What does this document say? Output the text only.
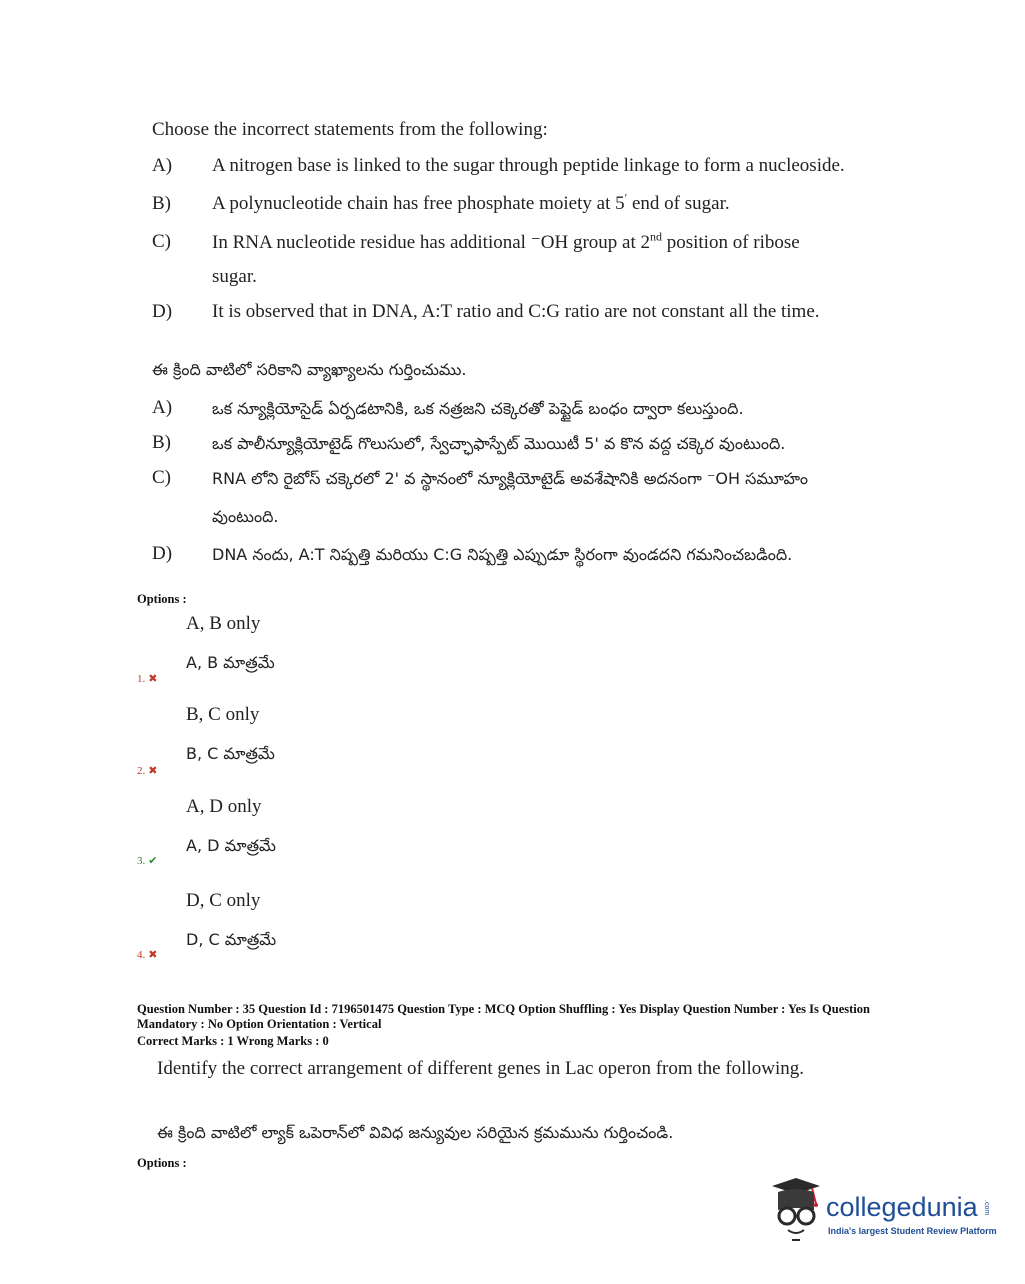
Choose the incorrect statements from the following:
A) A nitrogen base is linked to the sugar through peptide linkage to form a nucleoside.
B) A polynucleotide chain has free phosphate moiety at 5′ end of sugar.
C) In RNA nucleotide residue has additional ⁻OH group at 2nd position of ribose
sugar.
D) It is observed that in DNA, A:T ratio and C:G ratio are not constant all the time.
ఈ క్రింది వాటిలో సరికాని వ్యాఖ్యాలను గుర్తించుము.
A) ఒక న్యూక్లియోసైడ్ ఏర్పడటానికి, ఒక నత్రజని చక్కెరతో పెప్టైడ్ బంధం ద్వారా కలుస్తుంది.
B)	ఒక పాలీన్యూక్లియోటైడ్ గొలుసులో, స్వేచ్ఛాఫాస్పేట్ మొయిటీ 5' వ కొన వద్ద చక్కెర వుంటుంది.
C)	RNA లోని రైబోస్ చక్కెరలో 2' వ స్థానంలో న్యూక్లియోటైడ్ అవశేషానికి అదనంగా ⁻OH సమూహం
వుంటుంది.
D) DNA నందు, A:T నిష్పత్తి మరియు C:G నిష్పత్తి ఎప్పుడూ స్థిరంగా వుండదని గమనించబడింది.
Options :
A, B only
A, B మాత్రమే
1. ✖
B, C only
B, C మాత్రమే
2. ✖
A, D only
A, D మాత్రమే
3. ✔
D, C only
D, C మాత్రమే
4. ✖
Question Number : 35 Question Id : 7196501475 Question Type : MCQ Option Shuffling : Yes Display Question Number : Yes Is Question
Mandatory : No Option Orientation : Vertical
Correct Marks : 1 Wrong Marks : 0
Identify the correct arrangement of different genes in Lac operon from the following.
ఈ క్రింది వాటిలో ల్యాక్ ఒపెరాన్‌లో వివిధ జన్యువుల సరియైన క్రమమును గుర్తించండి.
Options :
collegedunia .com
India's largest Student Review Platform
